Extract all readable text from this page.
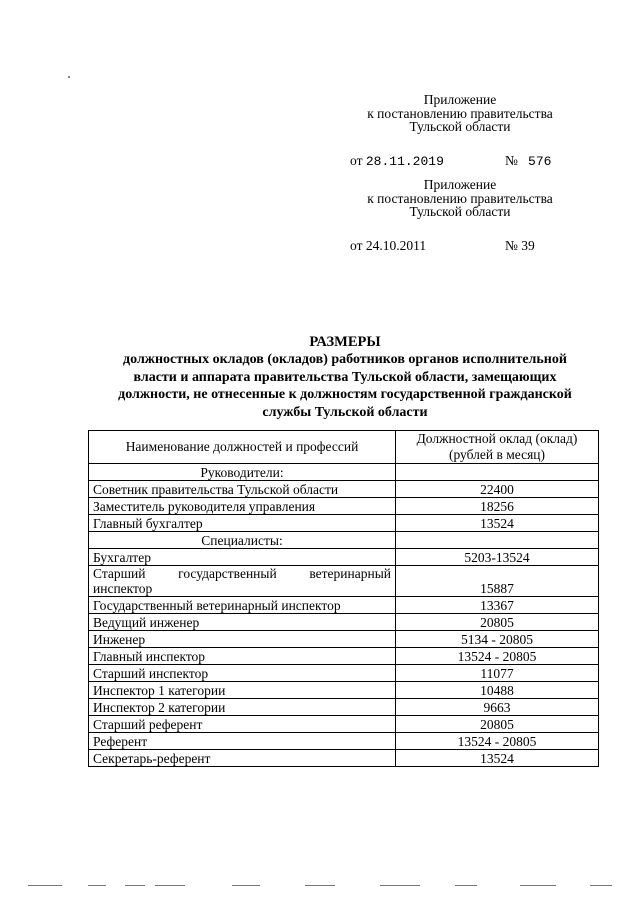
Приложение
к постановлению правительства
Тульской области
от 28.11.2019	№ 576
Приложение
к постановлению правительства
Тульской области
от 24.10.2011	№ 39
РАЗМЕРЫ
должностных окладов (окладов) работников органов исполнительной
власти и аппарата правительства Тульской области, замещающих
должности, не отнесенные к должностям государственной гражданской
службы Тульской области
Наименование должностей и профессий	Должностной оклад (оклад)
(рублей в месяц)

Руководители:	
Советник правительства Тульской области	22400
Заместитель руководителя управления	18256
Главный бухгалтер	13524
Специалисты:	
Бухгалтер	5203-13524

Старший государственный ветеринарный
инспектор	15887
Государственный ветеринарный инспектор	13367
Ведущий инженер	20805
Инженер	5134 - 20805
Главный инспектор	13524 - 20805
Старший инспектор	11077
Инспектор 1 категории	10488
Инспектор 2 категории	9663
Старший референт	20805
Референт	13524 - 20805
Секретарь-референт	13524
